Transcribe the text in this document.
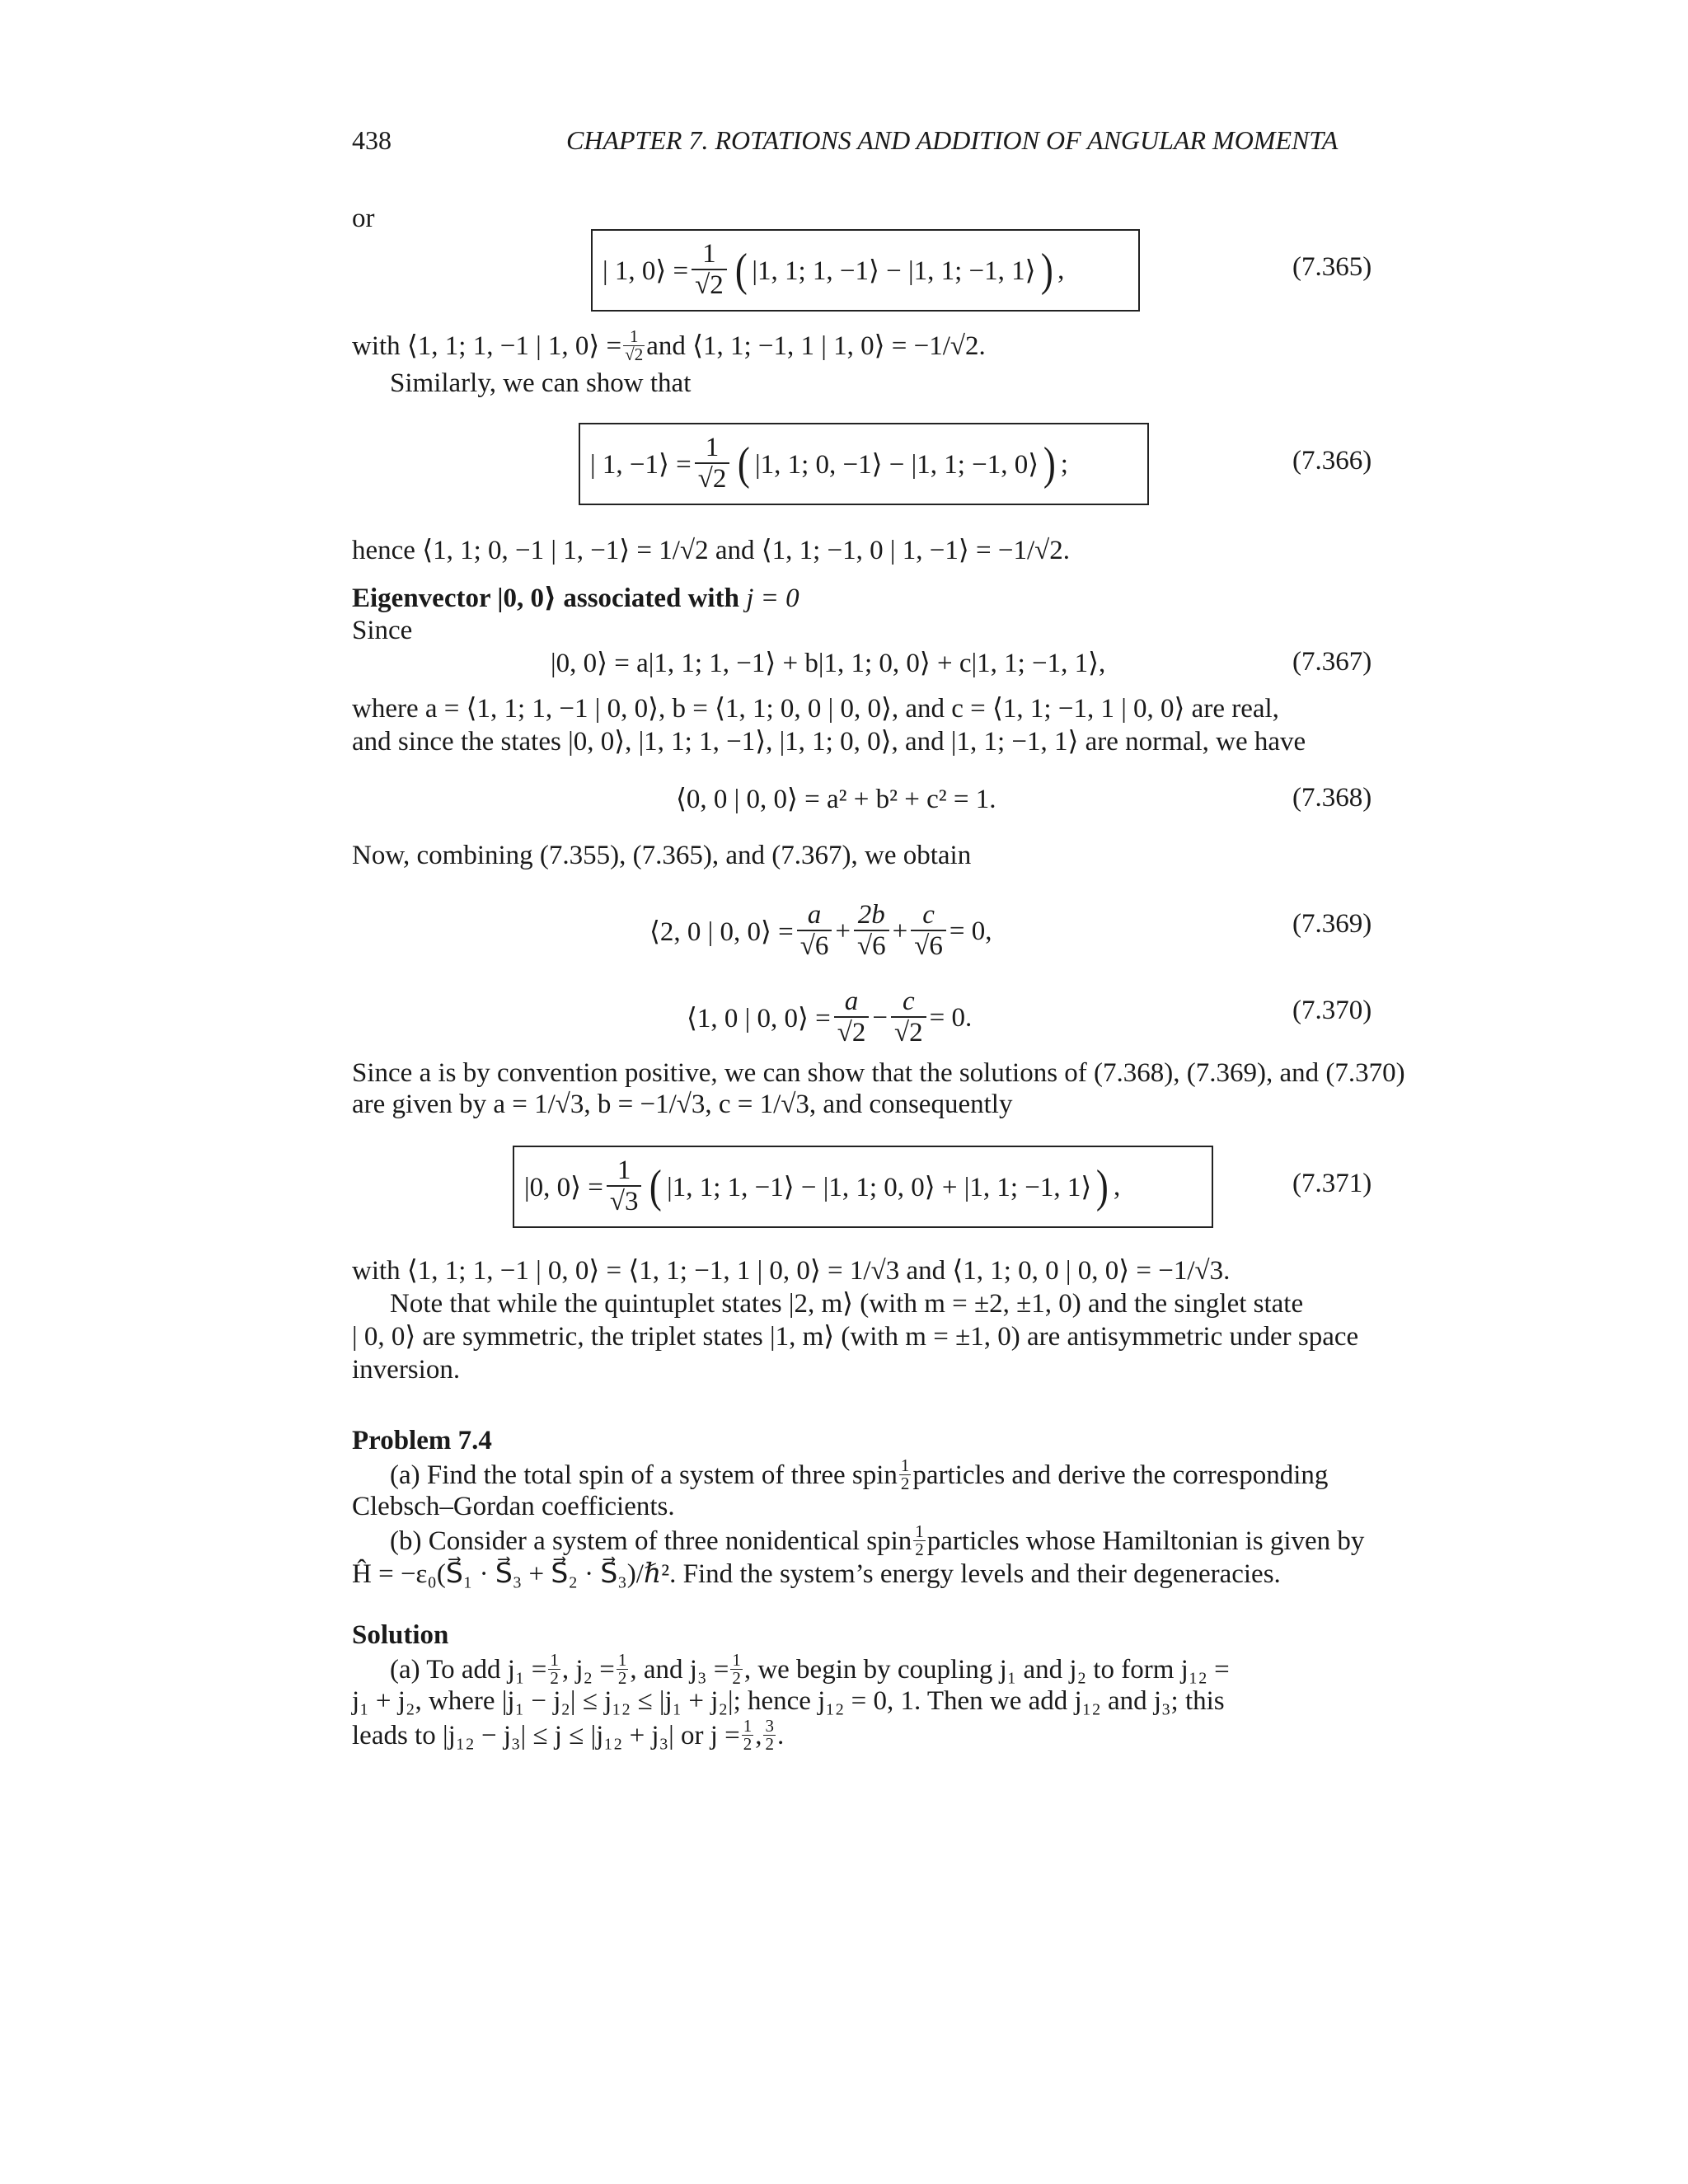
438	CHAPTER 7. ROTATIONS AND ADDITION OF ANGULAR MOMENTA
or
| 1, 0⟩ = $\frac{1}{√2}$ ( |1, 1; 1, −1⟩ − |1, 1; −1, 1⟩ ) ,	(7.365)
with ⟨1, 1; 1, −1 | 1, 0⟩ = $\frac{1}{√2}$ and ⟨1, 1; −1, 1 | 1, 0⟩ = −1/√2.
Similarly, we can show that
| 1, −1⟩ = $\frac{1}{√2}$ ( |1, 1; 0, −1⟩ − |1, 1; −1, 0⟩ ) ;	(7.366)
hence ⟨1, 1; 0, −1 | 1, −1⟩ = 1/√2 and ⟨1, 1; −1, 0 | 1, −1⟩ = −1/√2.
Eigenvector |0, 0⟩ associated with j = 0
Since
|0, 0⟩ = a|1, 1; 1, −1⟩ + b|1, 1; 0, 0⟩ + c|1, 1; −1, 1⟩,	(7.367)
where a = ⟨1, 1; 1, −1 | 0, 0⟩, b = ⟨1, 1; 0, 0 | 0, 0⟩, and c = ⟨1, 1; −1, 1 | 0, 0⟩ are real,
and since the states |0, 0⟩, |1, 1; 1, −1⟩, |1, 1; 0, 0⟩, and |1, 1; −1, 1⟩ are normal, we have
⟨0, 0 | 0, 0⟩ = a² + b² + c² = 1.	(7.368)
Now, combining (7.355), (7.365), and (7.367), we obtain
⟨2, 0 | 0, 0⟩ = $\frac{a}{√6} + \frac{2b}{√6} + \frac{c}{√6} = 0$,	(7.369)
⟨1, 0 | 0, 0⟩ = $\frac{a}{√2} - \frac{c}{√2} = 0$.	(7.370)
Since a is by convention positive, we can show that the solutions of (7.368), (7.369), and (7.370)
are given by a = 1/√3, b = −1/√3, c = 1/√3, and consequently
|0, 0⟩ = $\frac{1}{√3}$ ( |1, 1; 1, −1⟩ − |1, 1; 0, 0⟩ + |1, 1; −1, 1⟩ ) ,	(7.371)
with ⟨1, 1; 1, −1 | 0, 0⟩ = ⟨1, 1; −1, 1 | 0, 0⟩ = 1/√3 and ⟨1, 1; 0, 0 | 0, 0⟩ = −1/√3.
Note that while the quintuplet states |2, m⟩ (with m = ±2, ±1, 0) and the singlet state
| 0, 0⟩ are symmetric, the triplet states |1, m⟩ (with m = ±1, 0) are antisymmetric under space
inversion.
Problem 7.4
(a) Find the total spin of a system of three spin $\frac{1}{2}$ particles and derive the corresponding
Clebsch–Gordan coefficients.
(b) Consider a system of three nonidentical spin $\frac{1}{2}$ particles whose Hamiltonian is given by
Ĥ = −ε₀(S⃗₁ · S⃗₃ + S⃗₂ · S⃗₃)/ℏ². Find the system’s energy levels and their degeneracies.
Solution
(a) To add $j_1 = \frac{1}{2}$ , $j_2 = \frac{1}{2}$ , and $j_3 = \frac{1}{2}$ , we begin by coupling j₁ and j₂ to form j₁₂ =
j₁ + j₂, where |j₁ − j₂| ≤ j₁₂ ≤ |j₁ + j₂|; hence j₁₂ = 0, 1. Then we add j₁₂ and j₃; this
leads to |j₁₂ − j₃| ≤ j ≤ |j₁₂ + j₃| or $j = \frac{1}{2}$ , $\frac{3}{2}$ .
